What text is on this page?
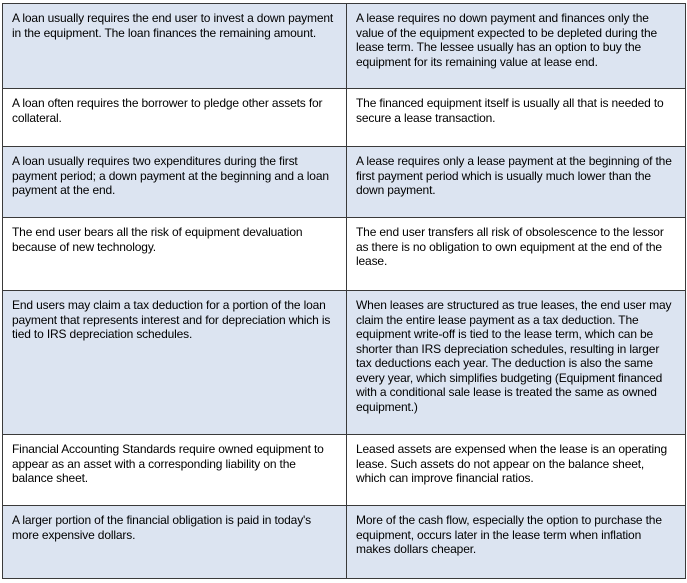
A loan usually requires the end user to invest a down payment in the equipment. The loan finances the remaining amount.	A lease requires no down payment and finances only the value of the equipment expected to be depleted during the lease term. The lessee usually has an option to buy the equipment for its remaining value at lease end.
A loan often requires the borrower to pledge other assets for collateral.	The financed equipment itself is usually all that is needed to secure a lease transaction.
A loan usually requires two expenditures during the first payment period; a down payment at the beginning and a loan payment at the end.	A lease requires only a lease payment at the beginning of the first payment period which is usually much lower than the down payment.
The end user bears all the risk of equipment devaluation because of new technology.	The end user transfers all risk of obsolescence to the lessor as there is no obligation to own equipment at the end of the lease.
End users may claim a tax deduction for a portion of the loan payment that represents interest and for depreciation which is tied to IRS depreciation schedules.	When leases are structured as true leases, the end user may claim the entire lease payment as a tax deduction. The equipment write-off is tied to the lease term, which can be shorter than IRS depreciation schedules, resulting in larger tax deductions each year. The deduction is also the same every year, which simplifies budgeting (Equipment financed with a conditional sale lease is treated the same as owned equipment.)
Financial Accounting Standards require owned equipment to appear as an asset with a corresponding liability on the balance sheet.	Leased assets are expensed when the lease is an operating lease. Such assets do not appear on the balance sheet, which can improve financial ratios.
A larger portion of the financial obligation is paid in today's more expensive dollars.	More of the cash flow, especially the option to purchase the equipment, occurs later in the lease term when inflation makes dollars cheaper.
